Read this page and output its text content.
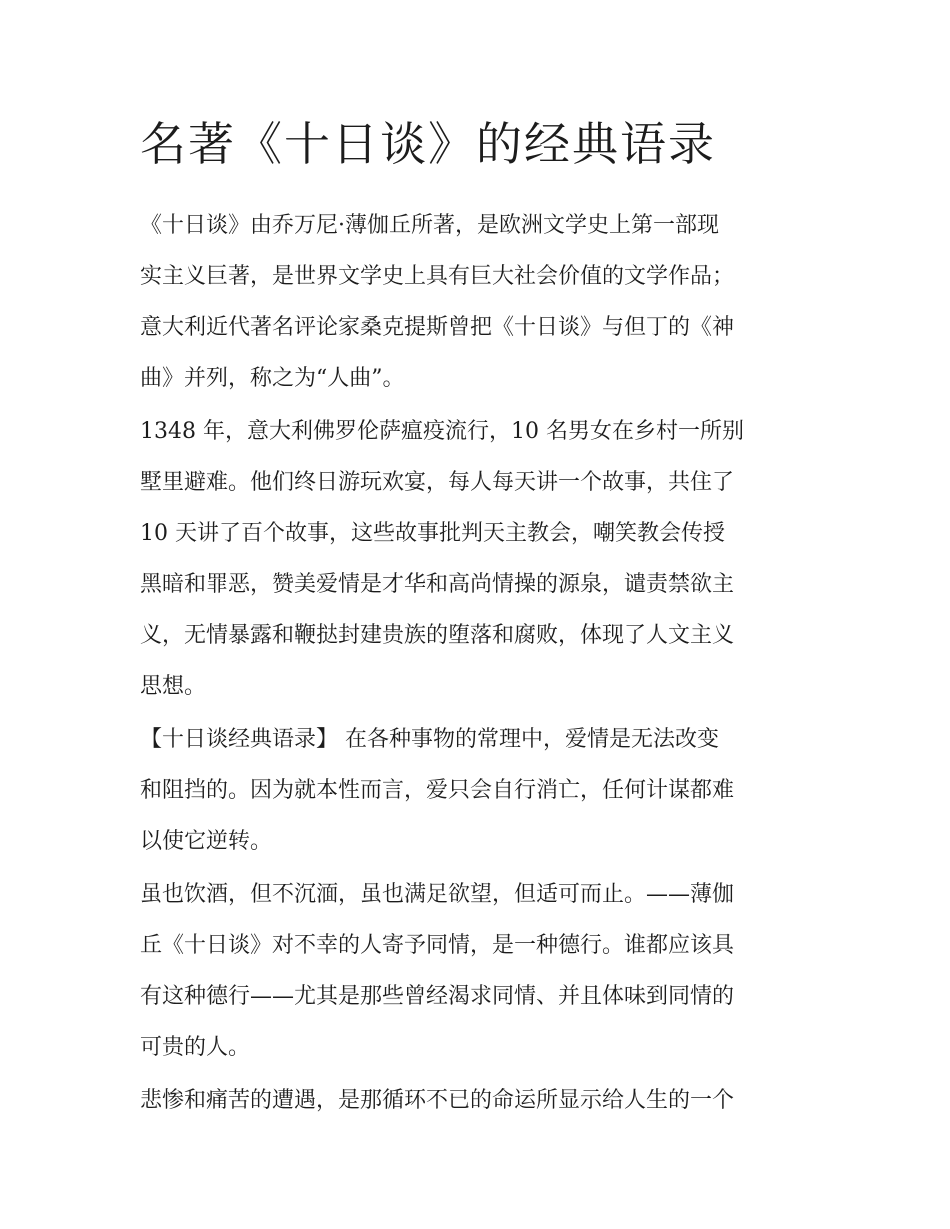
名著《十日谈》的经典语录

《十日谈》由乔万尼·薄伽丘所著，是欧洲文学史上第一部现
实主义巨著，是世界文学史上具有巨大社会价值的文学作品；
意大利近代著名评论家桑克提斯曾把《十日谈》与但丁的《神
曲》并列，称之为“人曲”。

1348 年，意大利佛罗伦萨瘟疫流行，10 名男女在乡村一所别
墅里避难。他们终日游玩欢宴，每人每天讲一个故事，共住了
10 天讲了百个故事，这些故事批判天主教会，嘲笑教会传授
黑暗和罪恶，赞美爱情是才华和高尚情操的源泉，谴责禁欲主
义，无情暴露和鞭挞封建贵族的堕落和腐败，体现了人文主义
思想。

【十日谈经典语录】 在各种事物的常理中，爱情是无法改变
和阻挡的。因为就本性而言，爱只会自行消亡，任何计谋都难
以使它逆转。

虽也饮酒，但不沉湎，虽也满足欲望，但适可而止。——薄伽
丘《十日谈》对不幸的人寄予同情，是一种德行。谁都应该具
有这种德行——尤其是那些曾经渴求同情、并且体味到同情的
可贵的人。

悲惨和痛苦的遭遇，是那循环不已的命运所显示给人生的一个
